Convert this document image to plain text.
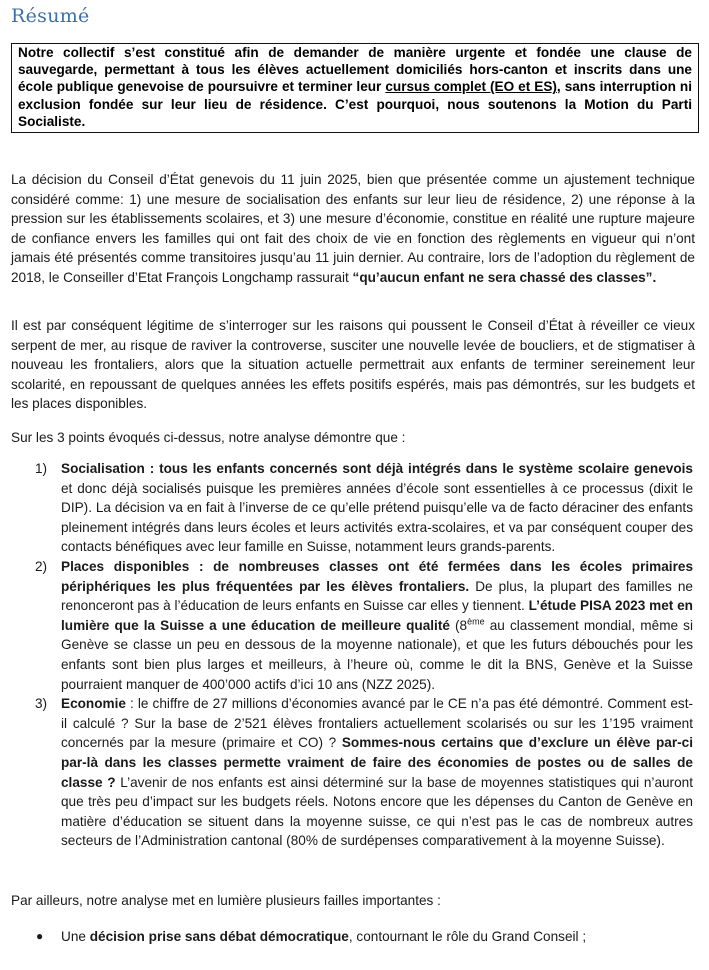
Résumé
Notre collectif s’est constitué afin de demander de manière urgente et fondée une clause de sauvegarde, permettant à tous les élèves actuellement domiciliés hors-canton et inscrits dans une école publique genevoise de poursuivre et terminer leur cursus complet (EO et ES), sans interruption ni exclusion fondée sur leur lieu de résidence. C’est pourquoi, nous soutenons la Motion du Parti Socialiste.

La décision du Conseil d’État genevois du 11 juin 2025, bien que présentée comme un ajustement technique considéré comme: 1) une mesure de socialisation des enfants sur leur lieu de résidence, 2) une réponse à la pression sur les établissements scolaires, et 3) une mesure d’économie, constitue en réalité une rupture majeure de confiance envers les familles qui ont fait des choix de vie en fonction des règlements en vigueur qui n’ont jamais été présentés comme transitoires jusqu’au 11 juin dernier. Au contraire, lors de l’adoption du règlement de 2018, le Conseiller d’Etat François Longchamp rassurait “qu’aucun enfant ne sera chassé des classes”.

Il est par conséquent légitime de s’interroger sur les raisons qui poussent le Conseil d’État à réveiller ce vieux serpent de mer, au risque de raviver la controverse, susciter une nouvelle levée de boucliers, et de stigmatiser à nouveau les frontaliers, alors que la situation actuelle permettrait aux enfants de terminer sereinement leur scolarité, en repoussant de quelques années les effets positifs espérés, mais pas démontrés, sur les budgets et les places disponibles.

Sur les 3 points évoqués ci-dessus, notre analyse démontre que :

1) Socialisation : tous les enfants concernés sont déjà intégrés dans le système scolaire genevois et donc déjà socialisés puisque les premières années d’école sont essentielles à ce processus (dixit le DIP). La décision va en fait à l’inverse de ce qu’elle prétend puisqu’elle va de facto déraciner des enfants pleinement intégrés dans leurs écoles et leurs activités extra-scolaires, et va par conséquent couper des contacts bénéfiques avec leur famille en Suisse, notamment leurs grands-parents.
2) Places disponibles : de nombreuses classes ont été fermées dans les écoles primaires périphériques les plus fréquentées par les élèves frontaliers. De plus, la plupart des familles ne renonceront pas à l’éducation de leurs enfants en Suisse car elles y tiennent. L’étude PISA 2023 met en lumière que la Suisse a une éducation de meilleure qualité (8ème au classement mondial, même si Genève se classe un peu en dessous de la moyenne nationale), et que les futurs débouchés pour les enfants sont bien plus larges et meilleurs, à l’heure où, comme le dit la BNS, Genève et la Suisse pourraient manquer de 400’000 actifs d’ici 10 ans (NZZ 2025).
3) Economie : le chiffre de 27 millions d’économies avancé par le CE n’a pas été démontré. Comment est-il calculé ? Sur la base de 2’521 élèves frontaliers actuellement scolarisés ou sur les 1’195 vraiment concernés par la mesure (primaire et CO) ? Sommes-nous certains que d’exclure un élève par-ci par-là dans les classes permette vraiment de faire des économies de postes ou de salles de classe ? L’avenir de nos enfants est ainsi déterminé sur la base de moyennes statistiques qui n’auront que très peu d’impact sur les budgets réels. Notons encore que les dépenses du Canton de Genève en matière d’éducation se situent dans la moyenne suisse, ce qui n’est pas le cas de nombreux autres secteurs de l’Administration cantonal (80% de surdépenses comparativement à la moyenne Suisse).

Par ailleurs, notre analyse met en lumière plusieurs failles importantes :

● Une décision prise sans débat démocratique, contournant le rôle du Grand Conseil ;
